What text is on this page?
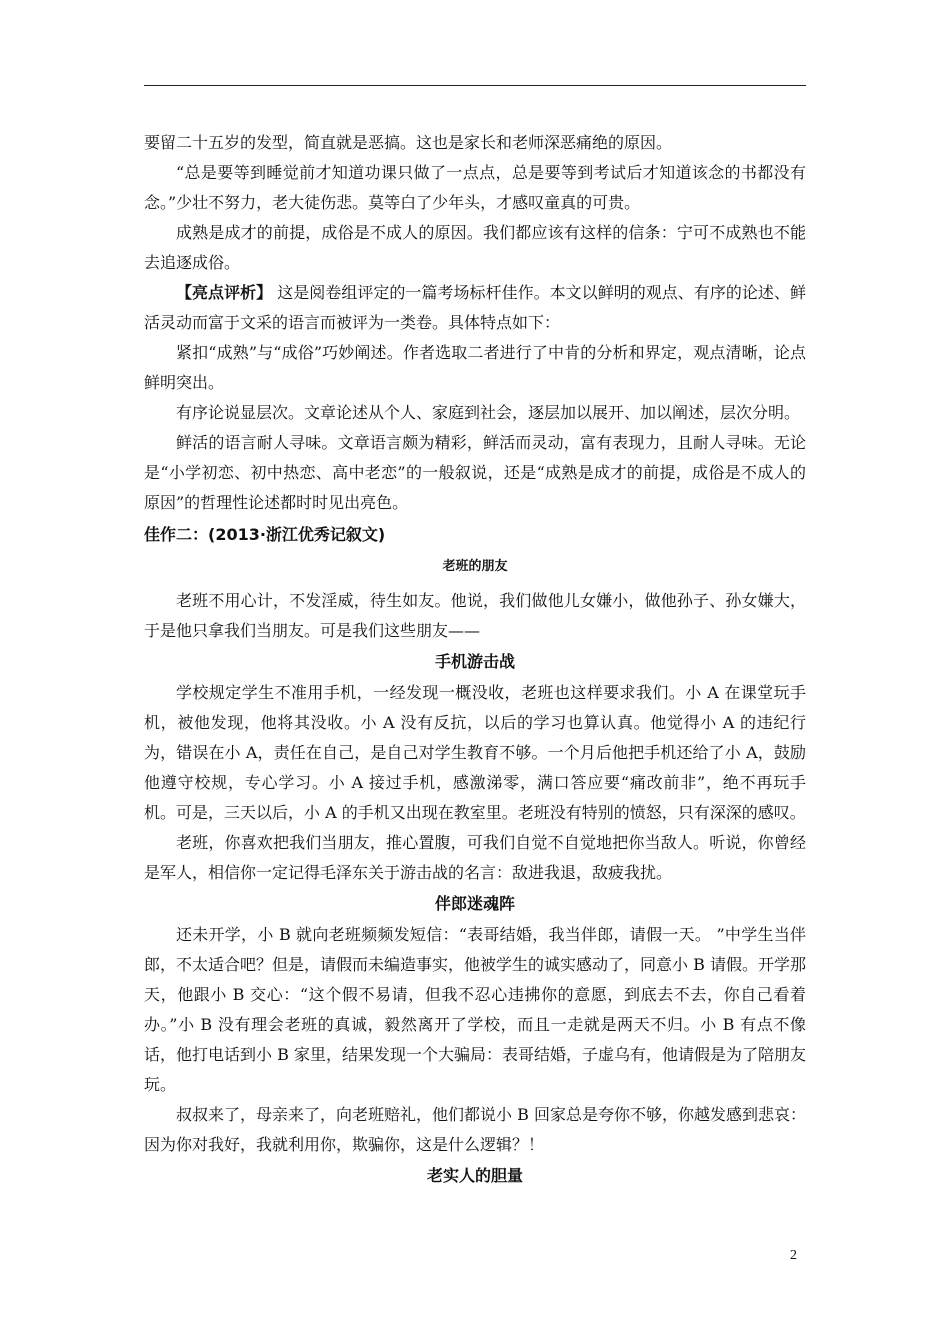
要留二十五岁的发型，简直就是恶搞。这也是家长和老师深恶痛绝的原因。

“总是要等到睡觉前才知道功课只做了一点点，总是要等到考试后才知道该念的书都没有念。”少壮不努力，老大徒伤悲。莫等白了少年头，才感叹童真的可贵。

成熟是成才的前提，成俗是不成人的原因。我们都应该有这样的信条：宁可不成熟也不能去追逐成俗。

【亮点评析】 这是阅卷组评定的一篇考场标杆佳作。本文以鲜明的观点、有序的论述、鲜活灵动而富于文采的语言而被评为一类卷。具体特点如下：

紧扣“成熟”与“成俗”巧妙阐述。作者选取二者进行了中肯的分析和界定，观点清晰，论点鲜明突出。

有序论说显层次。文章论述从个人、家庭到社会，逐层加以展开、加以阐述，层次分明。

鲜活的语言耐人寻味。文章语言颇为精彩，鲜活而灵动，富有表现力，且耐人寻味。无论是“小学初恋、初中热恋、高中老恋”的一般叙说，还是“成熟是成才的前提，成俗是不成人的原因”的哲理性论述都时时见出亮色。

佳作二：(2013·浙江优秀记叙文)
老班的朋友

老班不用心计，不发淫威，待生如友。他说，我们做他儿女嫌小，做他孙子、孙女嫌大，于是他只拿我们当朋友。可是我们这些朋友——

手机游击战

学校规定学生不准用手机，一经发现一概没收，老班也这样要求我们。小 A 在课堂玩手机，被他发现，他将其没收。小 A 没有反抗，以后的学习也算认真。他觉得小 A 的违纪行为，错误在小 A，责任在自己，是自己对学生教育不够。一个月后他把手机还给了小 A，鼓励他遵守校规，专心学习。小 A 接过手机，感激涕零，满口答应要“痛改前非”，绝不再玩手机。可是，三天以后，小 A 的手机又出现在教室里。老班没有特别的愤怒，只有深深的感叹。

老班，你喜欢把我们当朋友，推心置腹，可我们自觉不自觉地把你当敌人。听说，你曾经是军人，相信你一定记得毛泽东关于游击战的名言：敌进我退，敌疲我扰。

伴郎迷魂阵

还未开学，小 B 就向老班频频发短信：“表哥结婚，我当伴郎，请假一天。 ”中学生当伴郎，不太适合吧？但是，请假而未编造事实，他被学生的诚实感动了，同意小 B 请假。开学那天，他跟小 B 交心：“这个假不易请，但我不忍心违拂你的意愿，到底去不去，你自己看着办。”小 B 没有理会老班的真诚，毅然离开了学校，而且一走就是两天不归。小 B 有点不像话，他打电话到小 B 家里，结果发现一个大骗局：表哥结婚，子虚乌有，他请假是为了陪朋友玩。

叔叔来了，母亲来了，向老班赔礼，他们都说小 B 回家总是夸你不够，你越发感到悲哀：因为你对我好，我就利用你，欺骗你，这是什么逻辑？！

老实人的胆量
2
